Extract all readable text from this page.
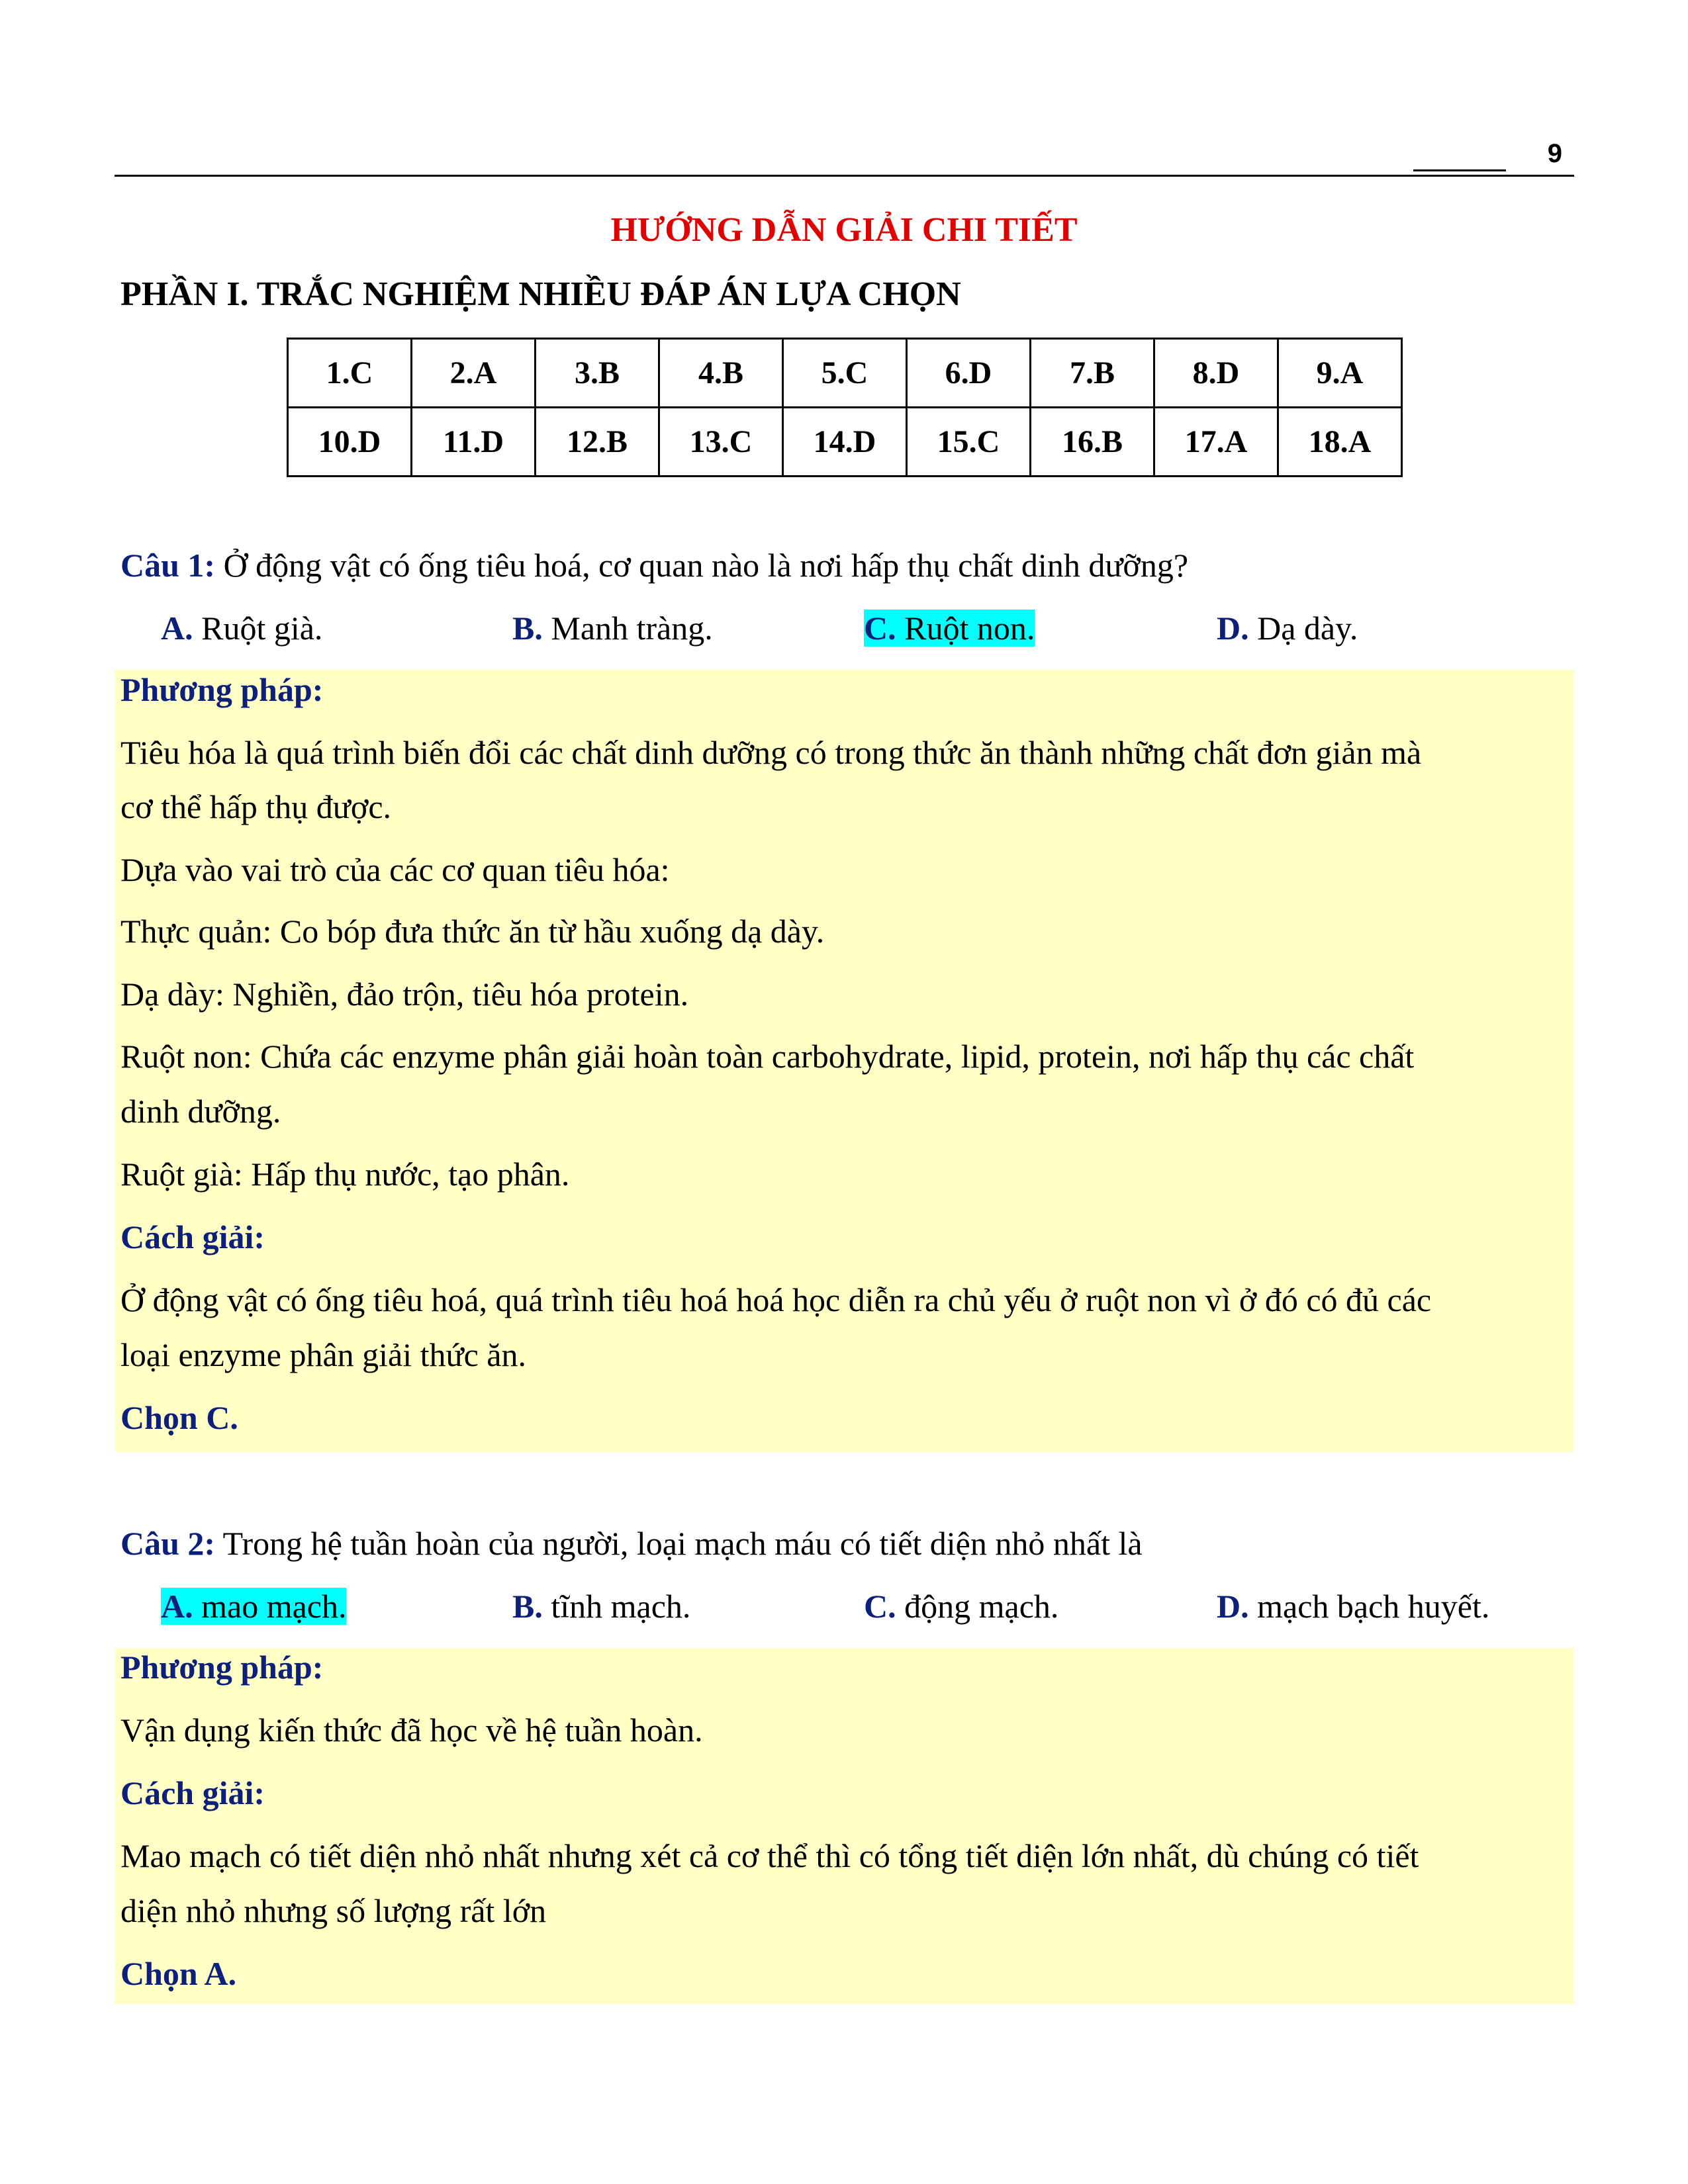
9
HƯỚNG DẪN GIẢI CHI TIẾT
PHẦN I. TRẮC NGHIỆM NHIỀU ĐÁP ÁN LỰA CHỌN
1.C	2.A	3.B	4.B	5.C	6.D	7.B	8.D	9.A
10.D	11.D	12.B	13.C	14.D	15.C	16.B	17.A	18.A
Câu 1: Ở động vật có ống tiêu hoá, cơ quan nào là nơi hấp thụ chất dinh dưỡng?
A. Ruột già.	B. Manh tràng.	C. Ruột non.	D. Dạ dày.
Phương pháp:
Tiêu hóa là quá trình biến đổi các chất dinh dưỡng có trong thức ăn thành những chất đơn giản mà
cơ thể hấp thụ được.
Dựa vào vai trò của các cơ quan tiêu hóa:
Thực quản: Co bóp đưa thức ăn từ hầu xuống dạ dày.
Dạ dày: Nghiền, đảo trộn, tiêu hóa protein.
Ruột non: Chứa các enzyme phân giải hoàn toàn carbohydrate, lipid, protein, nơi hấp thụ các chất
dinh dưỡng.
Ruột già: Hấp thụ nước, tạo phân.
Cách giải:
Ở động vật có ống tiêu hoá, quá trình tiêu hoá hoá học diễn ra chủ yếu ở ruột non vì ở đó có đủ các
loại enzyme phân giải thức ăn.
Chọn C.
Câu 2: Trong hệ tuần hoàn của người, loại mạch máu có tiết diện nhỏ nhất là
A. mao mạch.	B. tĩnh mạch.	C. động mạch.	D. mạch bạch huyết.
Phương pháp:
Vận dụng kiến thức đã học về hệ tuần hoàn.
Cách giải:
Mao mạch có tiết diện nhỏ nhất nhưng xét cả cơ thể thì có tổng tiết diện lớn nhất, dù chúng có tiết
diện nhỏ nhưng số lượng rất lớn
Chọn A.
